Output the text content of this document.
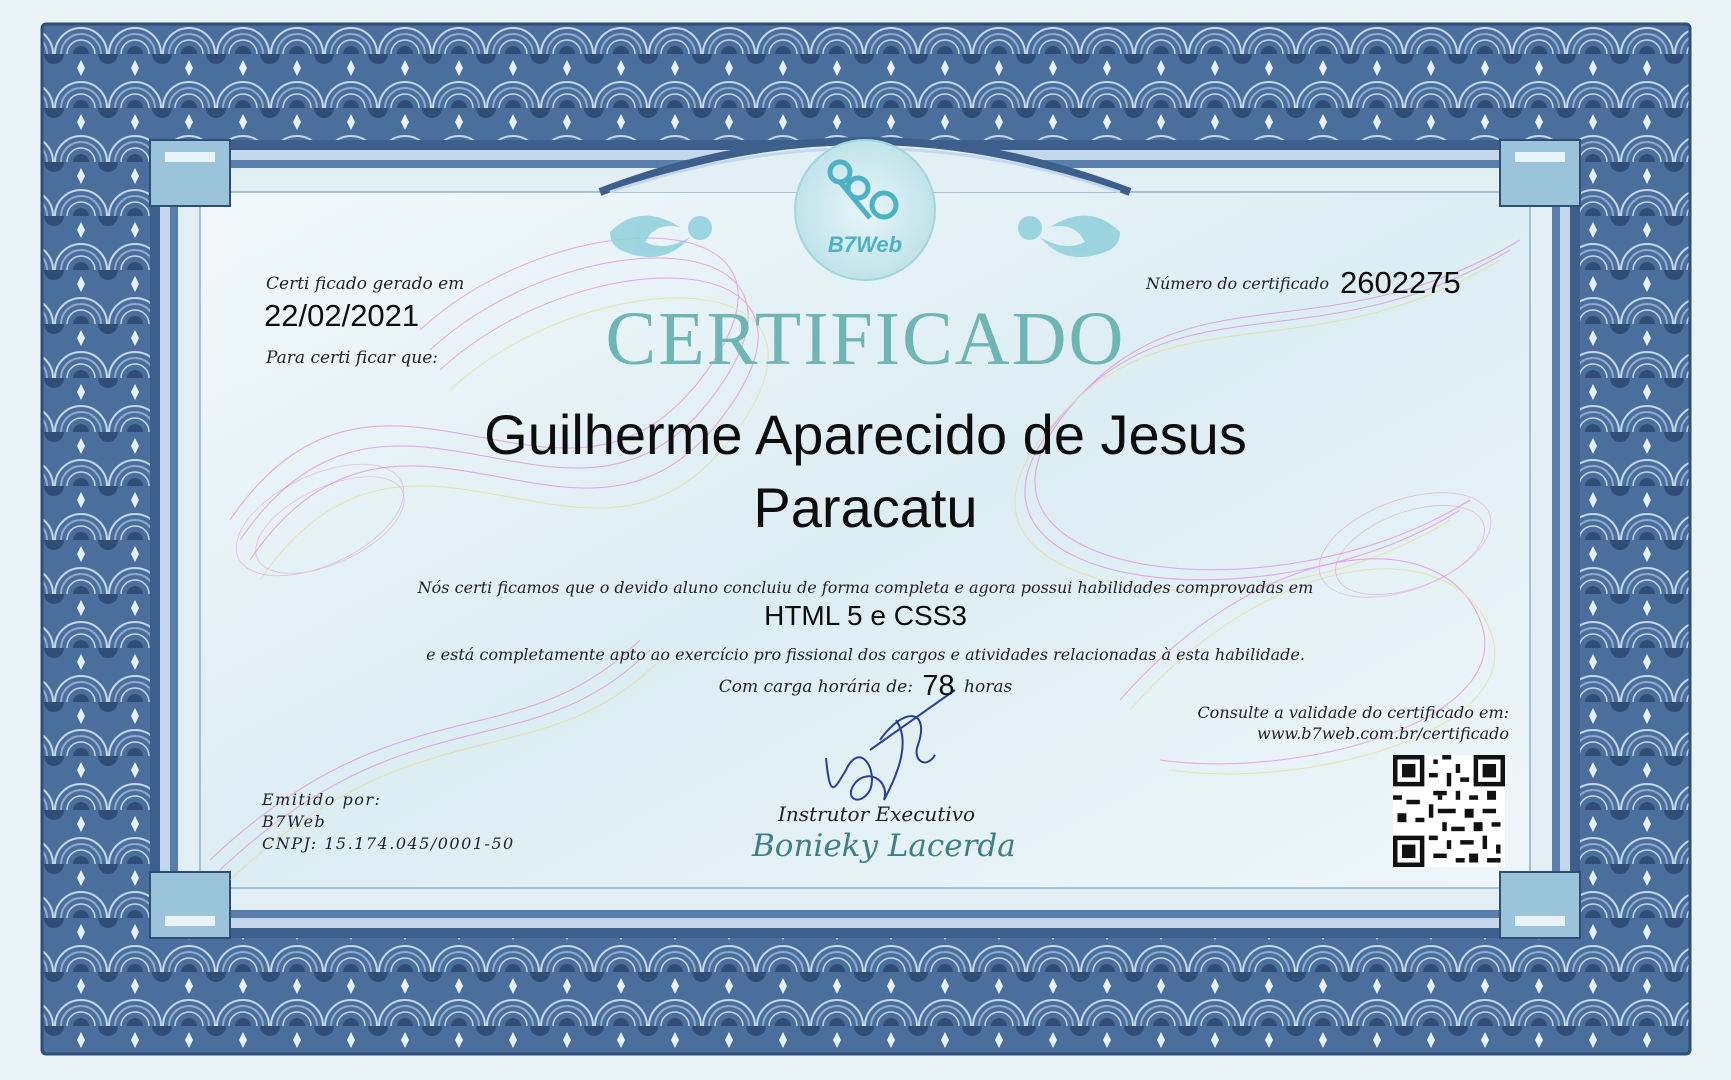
B7Web
Certi ficado gerado em
22/02/2021
Para certi ficar que:
Número do certificado 2602275
CERTIFICADO
Guilherme Aparecido de Jesus
Paracatu
Nós certi ficamos que o devido aluno concluiu de forma completa e agora possui habilidades comprovadas em
HTML 5 e CSS3
e está completamente apto ao exercício pro fissional dos cargos e atividades relacionadas à esta habilidade.
Com carga horária de: 78 horas
Consulte a validade do certificado em:
www.b7web.com.br/certificado
Emitido por:
B7Web
CNPJ: 15.174.045/0001-50
Instrutor Executivo
Bonieky Lacerda
